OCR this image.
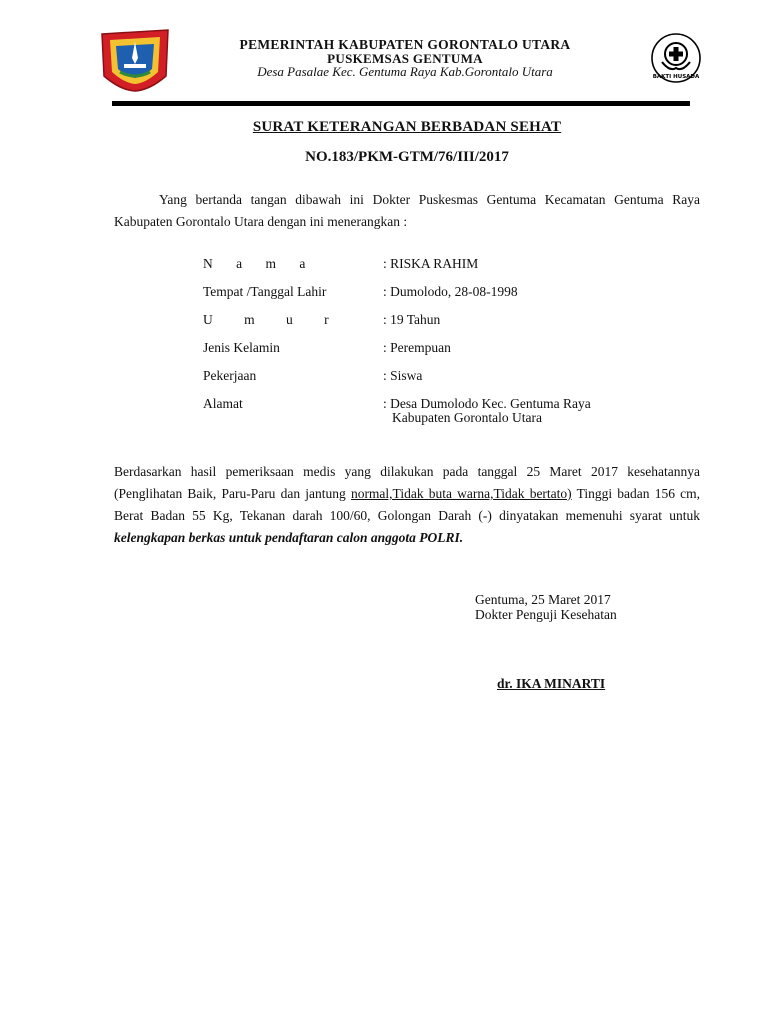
BAKTI HUSADA
PEMERINTAH KABUPATEN GORONTALO UTARA
PUSKEMSAS GENTUMA
Desa Pasalae Kec. Gentuma Raya Kab.Gorontalo Utara
SURAT KETERANGAN BERBADAN SEHAT
NO.183/PKM-GTM/76/III/2017
Yang bertanda tangan dibawah ini Dokter Puskesmas Gentuma Kecamatan Gentuma Raya Kabupaten Gorontalo Utara dengan ini menerangkan :
N a m a	: RISKA RAHIM
Tempat /Tanggal Lahir	: Dumolodo, 28-08-1998
U m u r	: 19 Tahun
Jenis Kelamin	: Perempuan
Pekerjaan	: Siswa
Alamat	: Desa Dumolodo Kec. Gentuma Raya
Kabupaten Gorontalo Utara
Berdasarkan hasil pemeriksaan medis yang dilakukan pada tanggal 25 Maret 2017 kesehatannya (Penglihatan Baik, Paru-Paru dan jantung normal,Tidak buta warna,Tidak bertato) Tinggi badan 156 cm, Berat Badan 55 Kg, Tekanan darah 100/60, Golongan Darah (-) dinyatakan memenuhi syarat untuk kelengkapan berkas untuk pendaftaran calon anggota POLRI.
Gentuma, 25 Maret 2017
Dokter Penguji Kesehatan
dr. IKA MINARTI
